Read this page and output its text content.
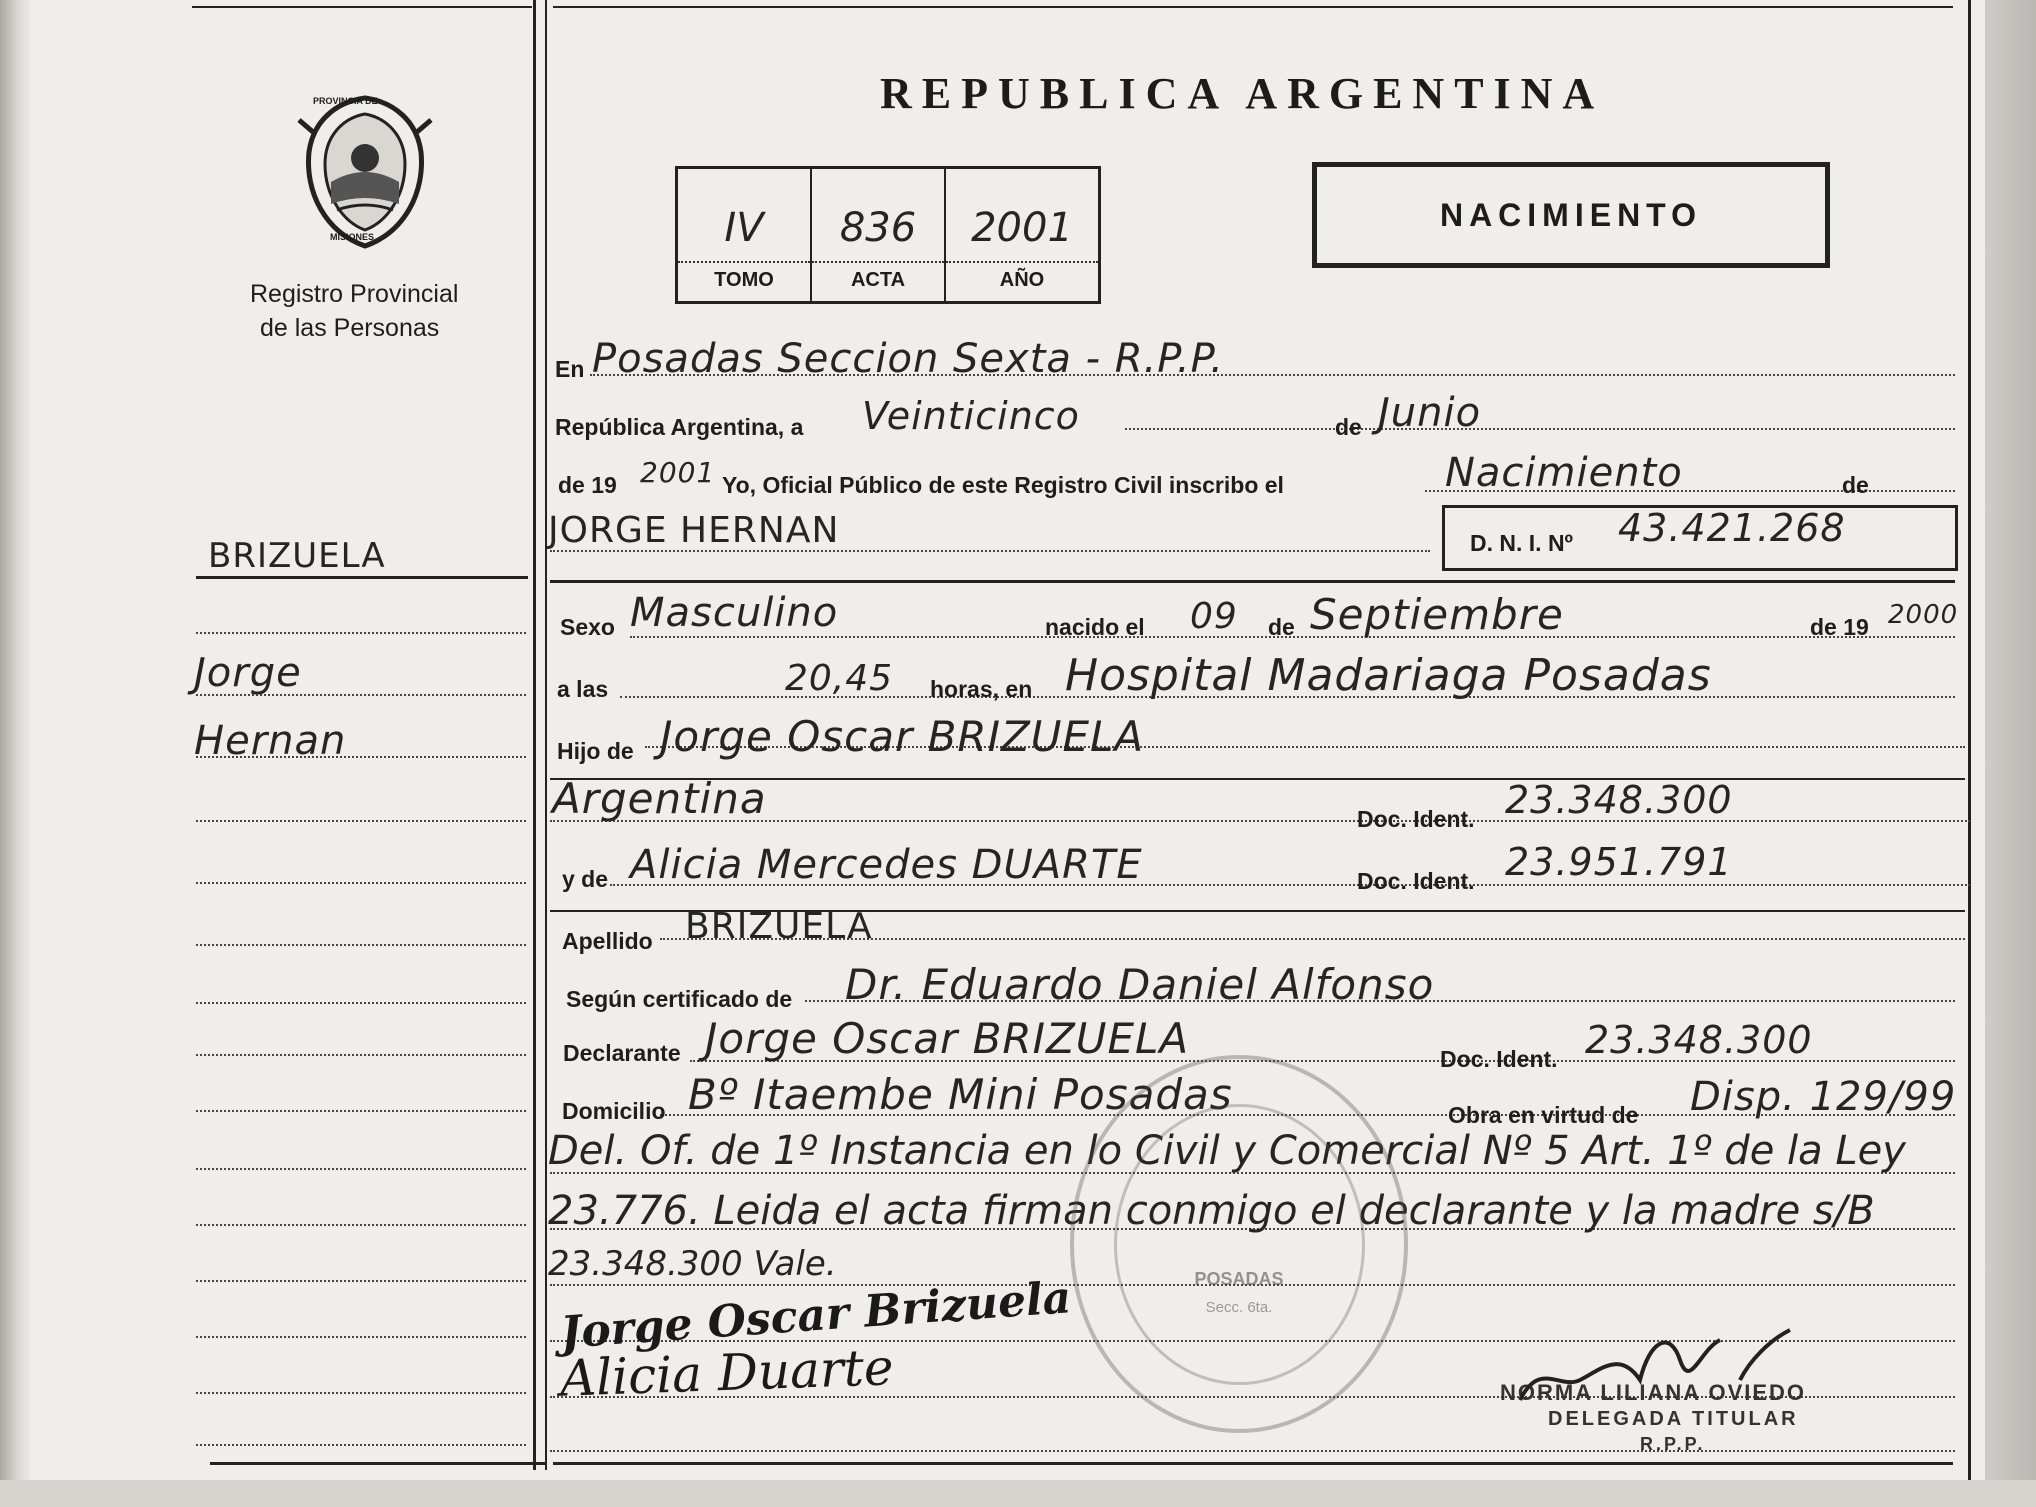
PROVINCIA DE
MISIONES
Registro Provincial
de las Personas
REPUBLICA ARGENTINA
IV
TOMO
836
ACTA
2001
AÑO
NACIMIENTO
BRIZUELA
Jorge
Hernan
En Posadas Seccion Sexta - R.P.P.
República Argentina, a Veinticinco	de Junio
de 19 2001 Yo, Oficial Público de este Registro Civil inscribo el	Nacimiento	de
JORGE HERNAN	D. N. I. Nº 43.421.268
Sexo Masculino	nacido el 09 de Septiembre	de 19 2000
a las	20,45 horas, en Hospital Madariaga Posadas
Hijo de Jorge Oscar BRIZUELA
Argentina	Doc. Ident. 23.348.300
y de Alicia Mercedes DUARTE	Doc. Ident. 23.951.791
Apellido BRIZUELA
Según certificado de Dr. Eduardo Daniel Alfonso
Declarante Jorge Oscar BRIZUELA	Doc. Ident. 23.348.300
Domicilio Bº Itaembe Mini Posadas	Obra en virtud de Disp. 129/99
Del. Of. de 1º Instancia en lo Civil y Comercial Nº 5 Art. 1º de la Ley
23.776. Leida el acta firman conmigo el declarante y la madre s/B
23.348.300 Vale.	POSADAS
Secc. 6ta.
Jorge Oscar Brizuela
Alicia Duarte	NORMA LILIANA OVIEDO
DELEGADA TITULAR
R.P.P.
